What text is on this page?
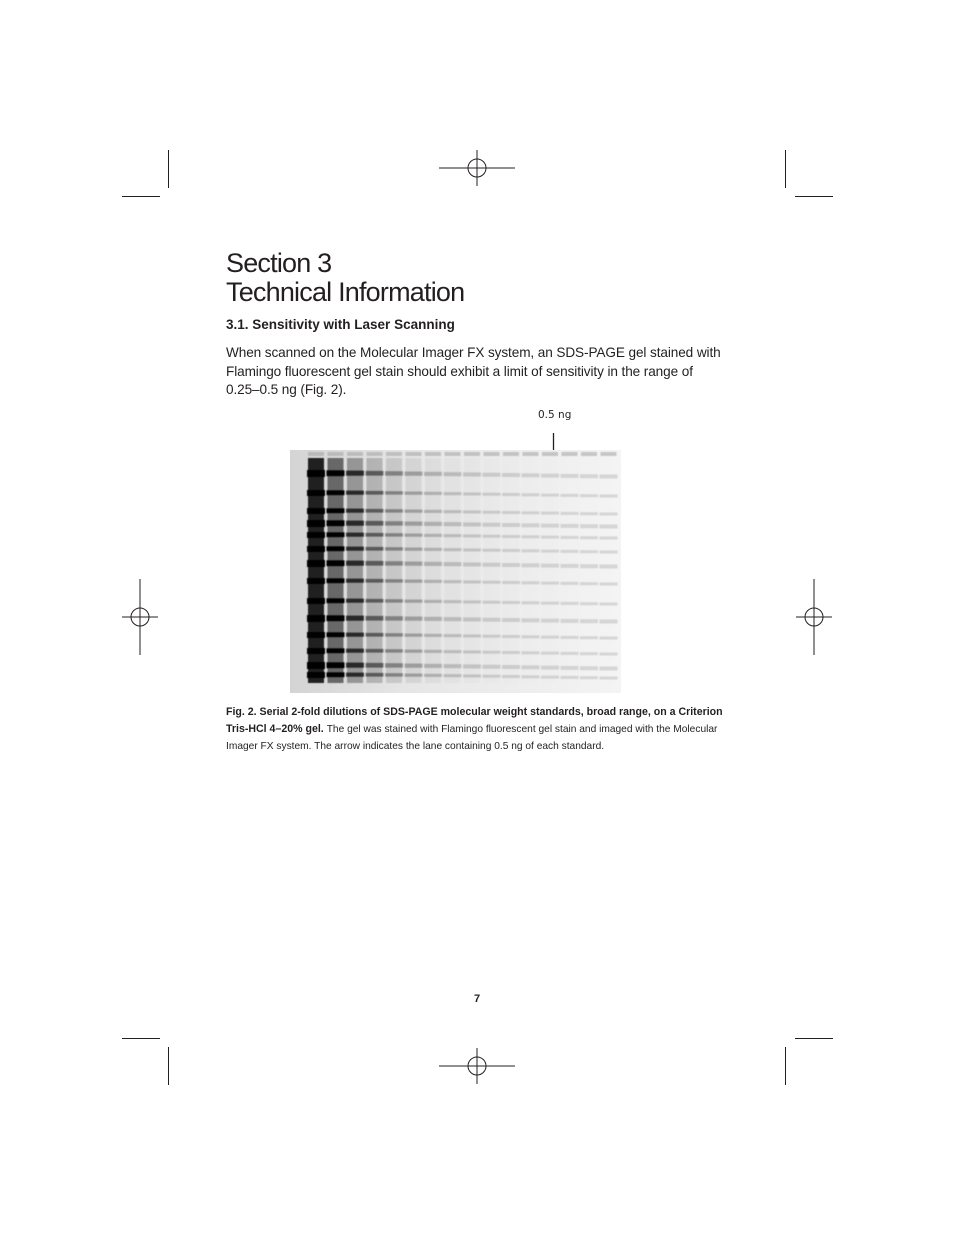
Section 3
Technical Information
3.1. Sensitivity with Laser Scanning

When scanned on the Molecular Imager FX system, an SDS-PAGE gel stained with Flamingo fluorescent gel stain should exhibit a limit of sensitivity in the range of 0.25–0.5 ng (Fig. 2).

0.5 ng

Fig. 2. Serial 2-fold dilutions of SDS-PAGE molecular weight standards, broad range, on a Criterion Tris-HCl 4–20% gel. The gel was stained with Flamingo fluorescent gel stain and imaged with the Molecular Imager FX system. The arrow indicates the lane containing 0.5 ng of each standard.

7
